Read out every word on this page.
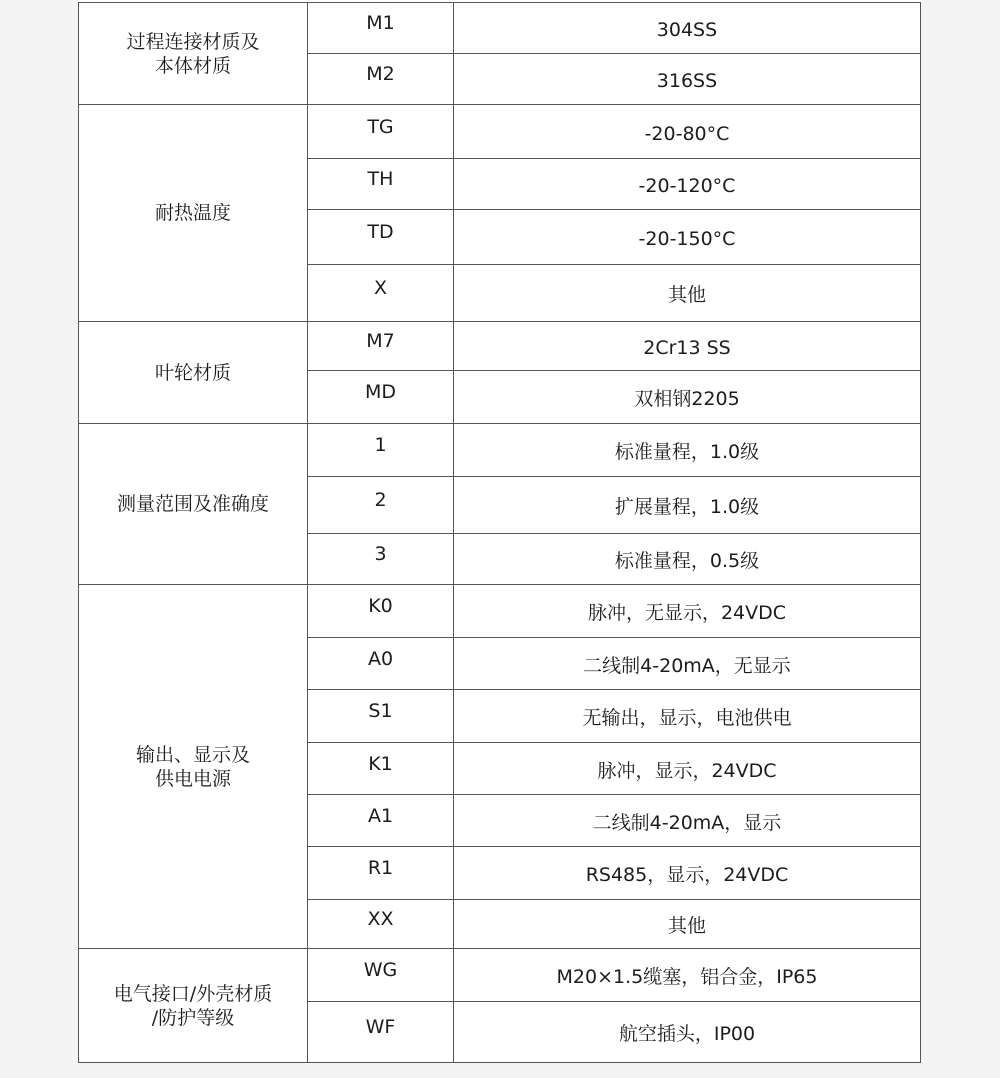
过程连接材质及
本体材质	M1	304SS
	M2	316SS

耐热温度	TG	-20-80°C
	TH	-20-120°C
	TD	-20-150°C
	X	其他

叶轮材质	M7	2Cr13 SS
	MD	双相钢2205

测量范围及准确度	1	标准量程，1.0级
	2	扩展量程，1.0级
	3	标准量程，0.5级

输出、显示及
供电电源	K0	脉冲，无显示，24VDC
	A0	二线制4-20mA，无显示
	S1	无输出，显示，电池供电
	K1	脉冲，显示，24VDC
	A1	二线制4-20mA，显示
	R1	RS485，显示，24VDC
	XX	其他

电气接口/外壳材质
/防护等级	WG	M20×1.5缆塞，铝合金，IP65
	WF	航空插头，IP00
